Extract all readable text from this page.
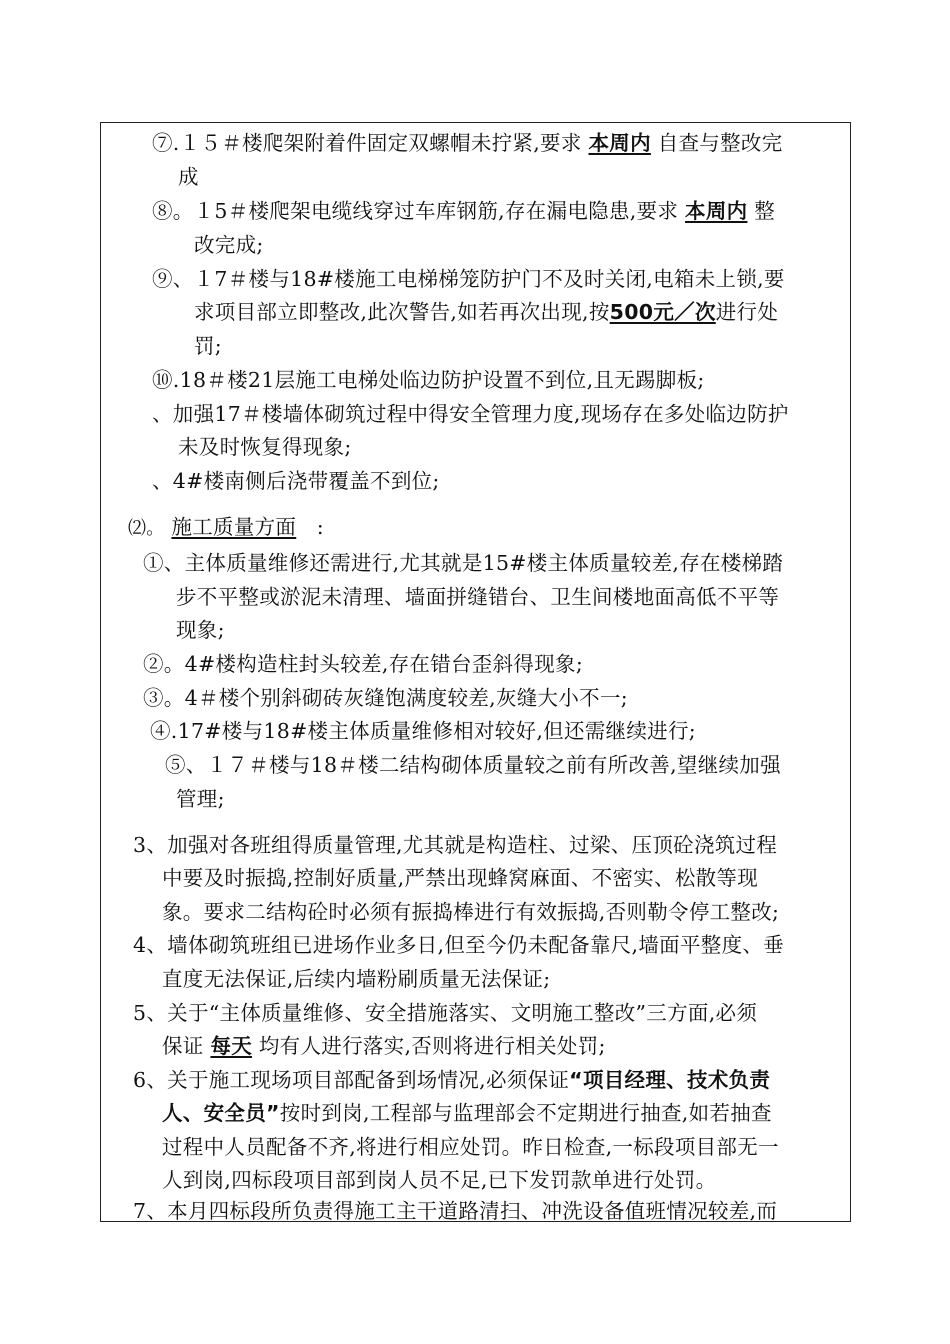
⑦.１５＃楼爬架附着件固定双螺帽未拧紧,要求 本周内 自查与整改完
成
⑧。１5＃楼爬架电缆线穿过车库钢筋,存在漏电隐患,要求 本周内 整
改完成;
⑨、１7＃楼与18#楼施工电梯梯笼防护门不及时关闭,电箱未上锁,要
求项目部立即整改,此次警告,如若再次出现,按500元／次进行处
罚;
⑩.18＃楼21层施工电梯处临边防护设置不到位,且无踢脚板;
、加强17＃楼墙体砌筑过程中得安全管理力度,现场存在多处临边防护
未及时恢复得现象;
、4#楼南侧后浇带覆盖不到位;
⑵。 施工质量方面 :
①、主体质量维修还需进行,尤其就是15#楼主体质量较差,存在楼梯踏
步不平整或淤泥未清理、墙面拼缝错台、卫生间楼地面高低不平等
现象;
②。4#楼构造柱封头较差,存在错台歪斜得现象;
③。4＃楼个别斜砌砖灰缝饱满度较差,灰缝大小不一;
④.17#楼与18#楼主体质量维修相对较好,但还需继续进行;
⑤、１７＃楼与18＃楼二结构砌体质量较之前有所改善,望继续加强
管理;
3、加强对各班组得质量管理,尤其就是构造柱、过梁、压顶砼浇筑过程
中要及时振捣,控制好质量,严禁出现蜂窝麻面、不密实、松散等现
象。要求二结构砼时必须有振捣棒进行有效振捣,否则勒令停工整改;
4、墙体砌筑班组已进场作业多日,但至今仍未配备靠尺,墙面平整度、垂
直度无法保证,后续内墙粉刷质量无法保证;
5、关于“主体质量维修、安全措施落实、文明施工整改”三方面,必须
保证 每天 均有人进行落实,否则将进行相关处罚;
6、关于施工现场项目部配备到场情况,必须保证“项目经理、技术负责
人、安全员”按时到岗,工程部与监理部会不定期进行抽查,如若抽查
过程中人员配备不齐,将进行相应处罚。昨日检查,一标段项目部无一
人到岗,四标段项目部到岗人员不足,已下发罚款单进行处罚。
7、本月四标段所负责得施工主干道路清扫、冲洗设备值班情况较差,而
